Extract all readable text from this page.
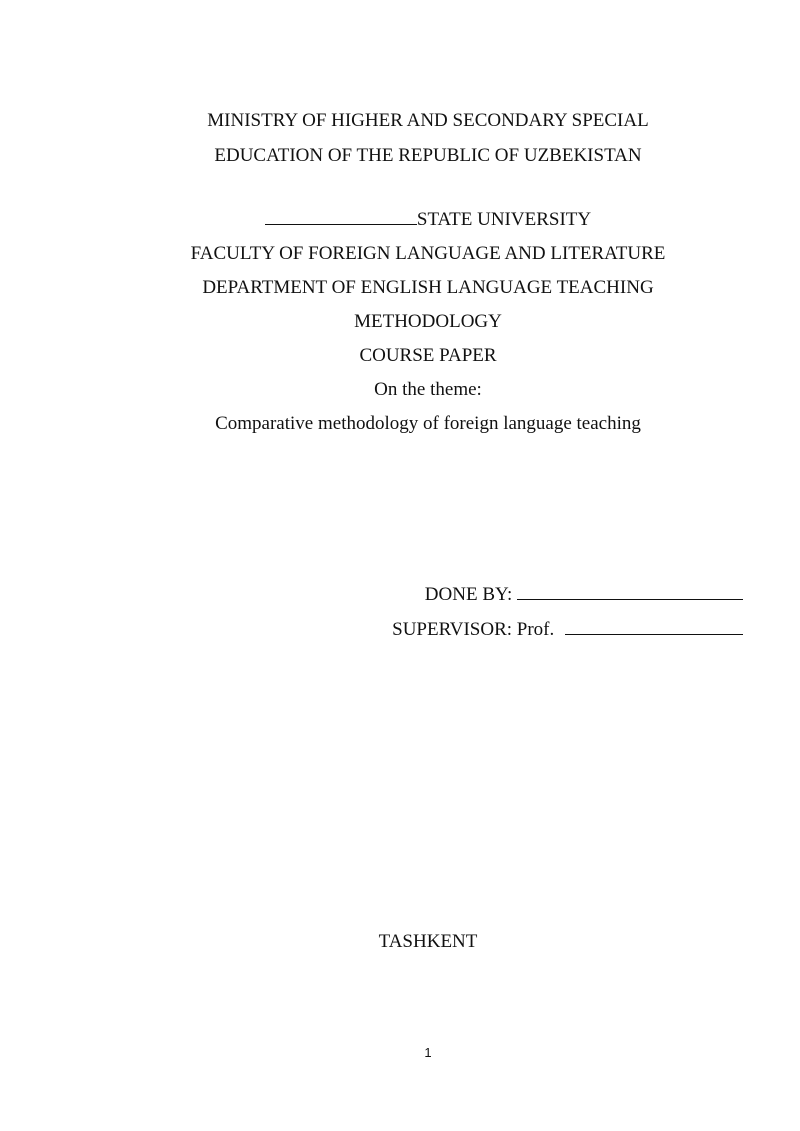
MINISTRY OF HIGHER AND SECONDARY SPECIAL
EDUCATION OF THE REPUBLIC OF UZBEKISTAN
STATE UNIVERSITY
FACULTY OF FOREIGN LANGUAGE AND LITERATURE
DEPARTMENT OF ENGLISH LANGUAGE TEACHING
METHODOLOGY
COURSE PAPER
On the theme:
Comparative methodology of foreign language teaching
DONE BY:
SUPERVISOR: Prof.
TASHKENT
1
